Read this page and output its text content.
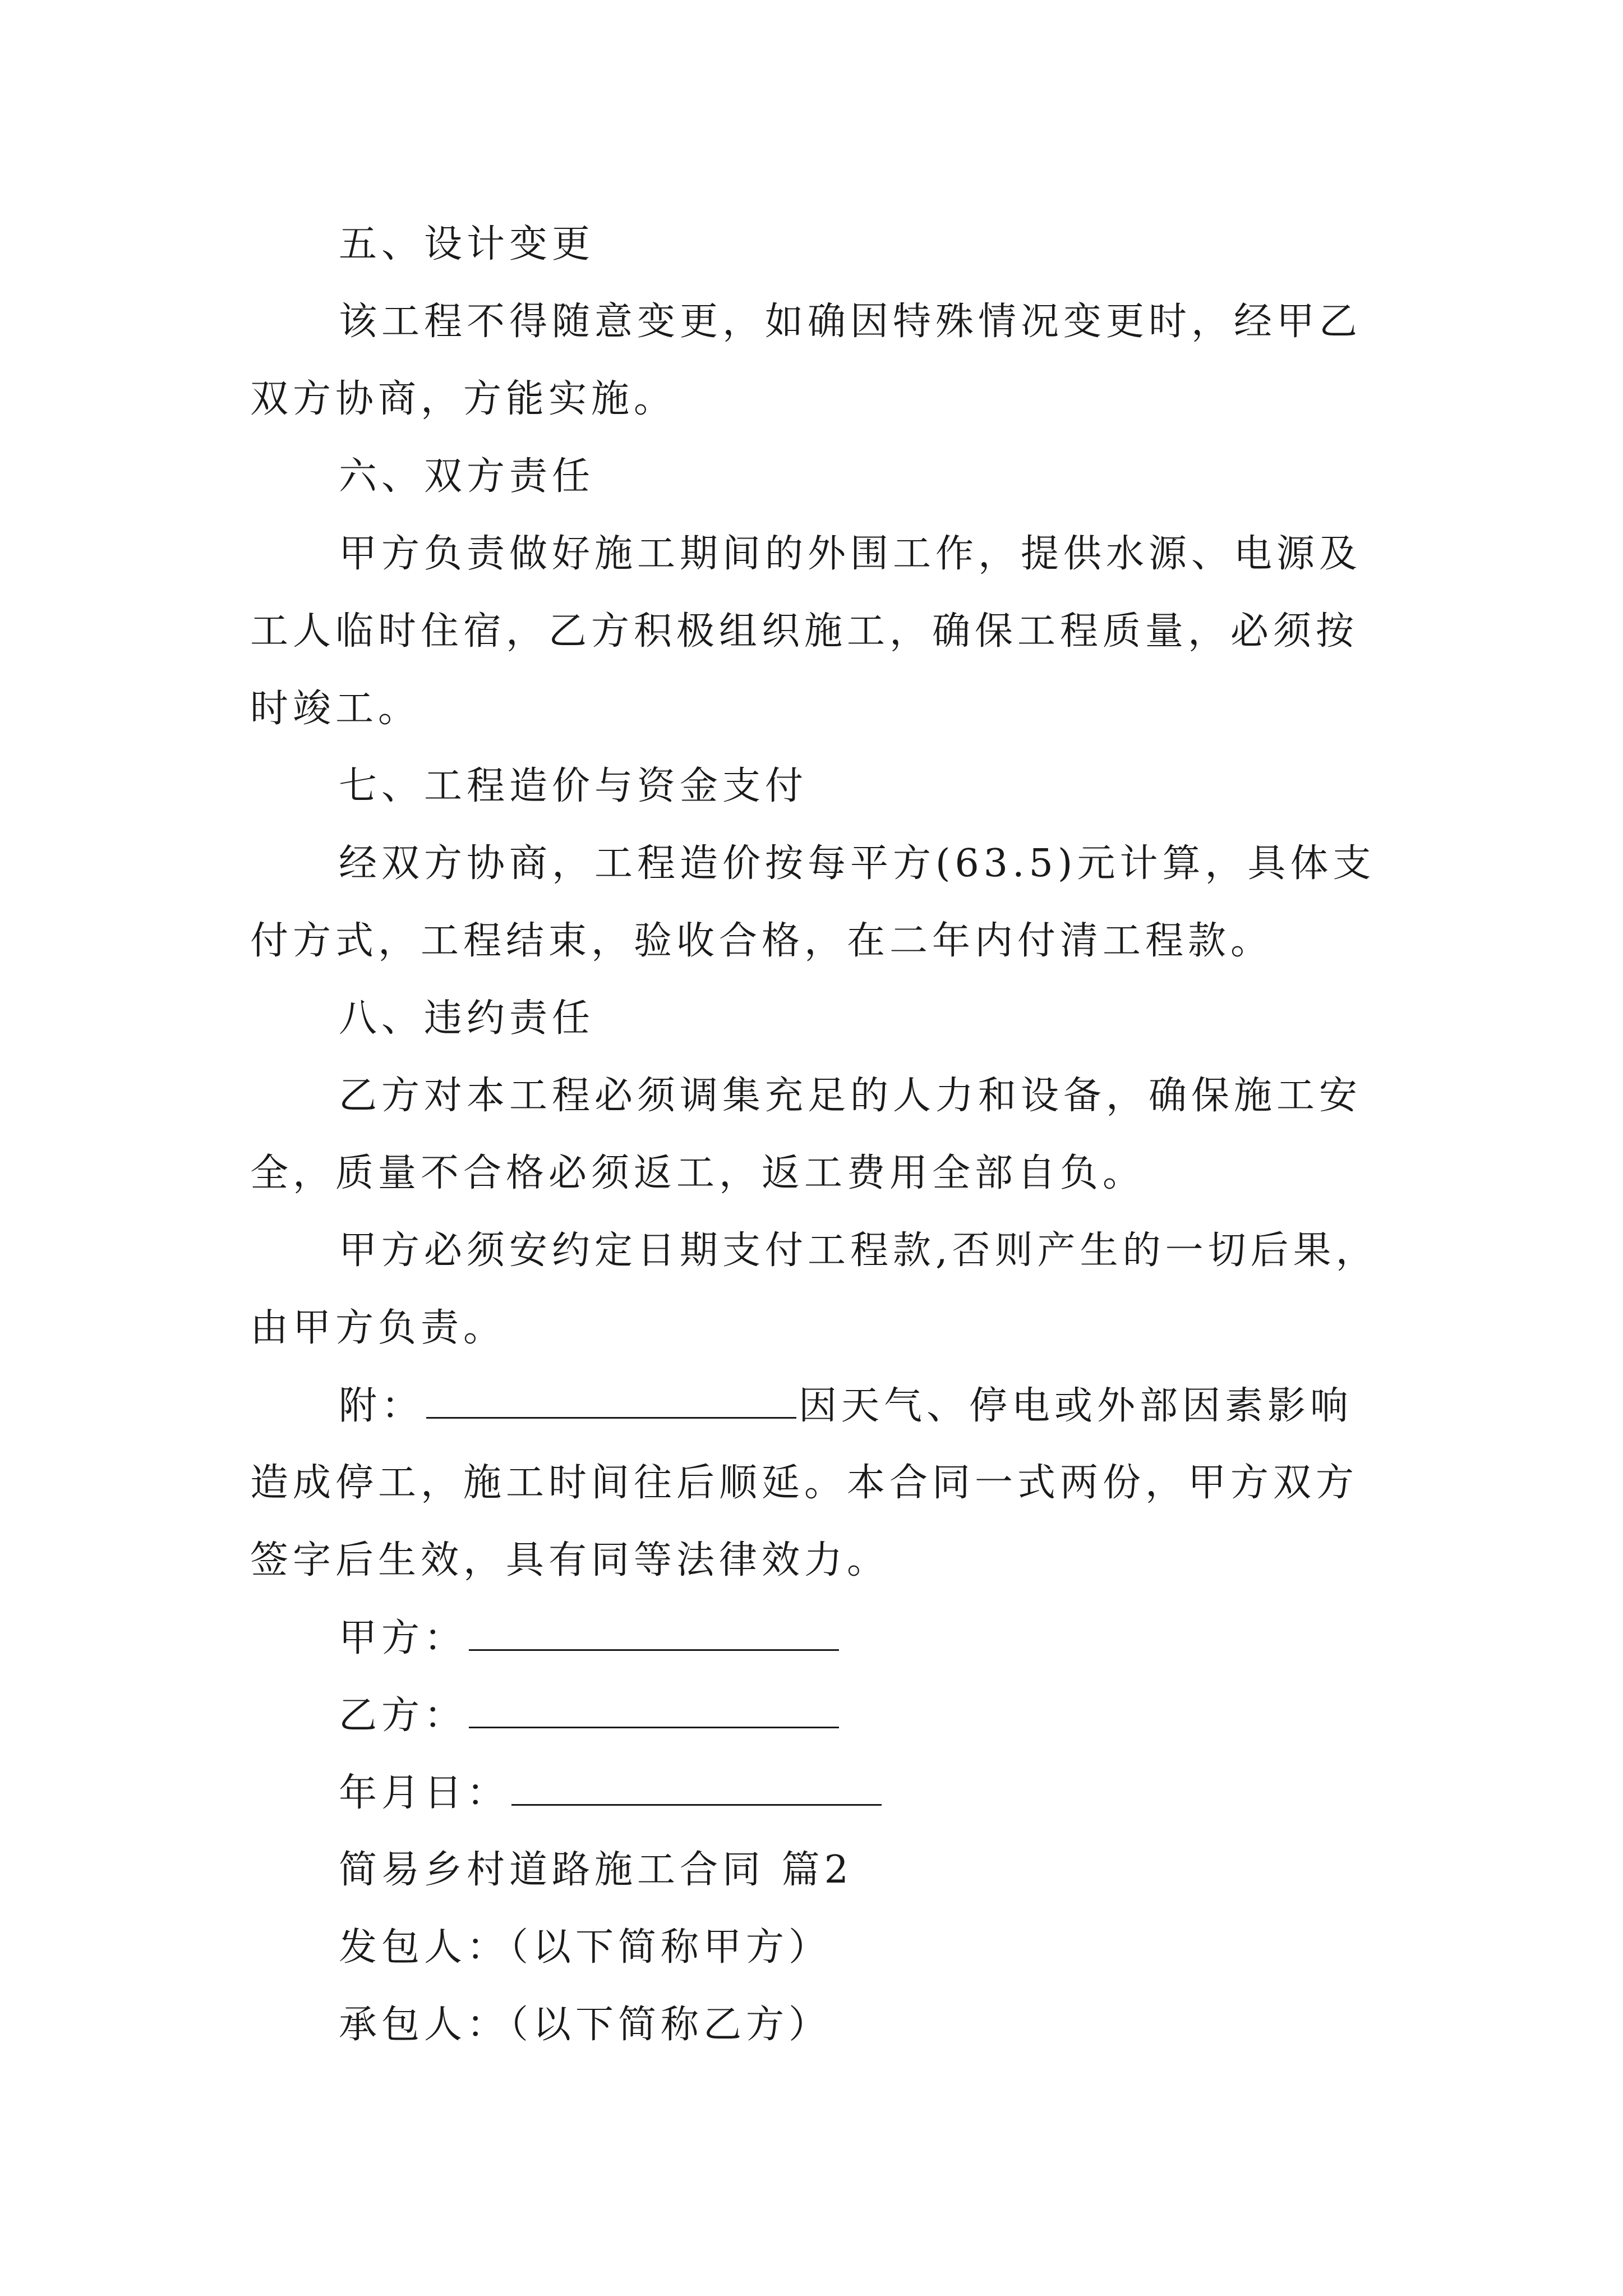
五、设计变更
该工程不得随意变更，如确因特殊情况变更时，经甲乙
双方协商，方能实施。
六、双方责任
甲方负责做好施工期间的外围工作，提供水源、电源及
工人临时住宿，乙方积极组织施工，确保工程质量，必须按
时竣工。
七、工程造价与资金支付
经双方协商，工程造价按每平方(63.5)元计算，具体支
付方式，工程结束，验收合格，在二年内付清工程款。
八、违约责任
乙方对本工程必须调集充足的人力和设备，确保施工安
全，质量不合格必须返工，返工费用全部自负。
甲方必须安约定日期支付工程款,否则产生的一切后果，
由甲方负责。
附：	因天气、停电或外部因素影响
造成停工，施工时间往后顺延。本合同一式两份，甲方双方
签字后生效，具有同等法律效力。
甲方：
乙方：
年月日：
简易乡村道路施工合同 篇2
发包人：（以下简称甲方）
承包人：（以下简称乙方）
